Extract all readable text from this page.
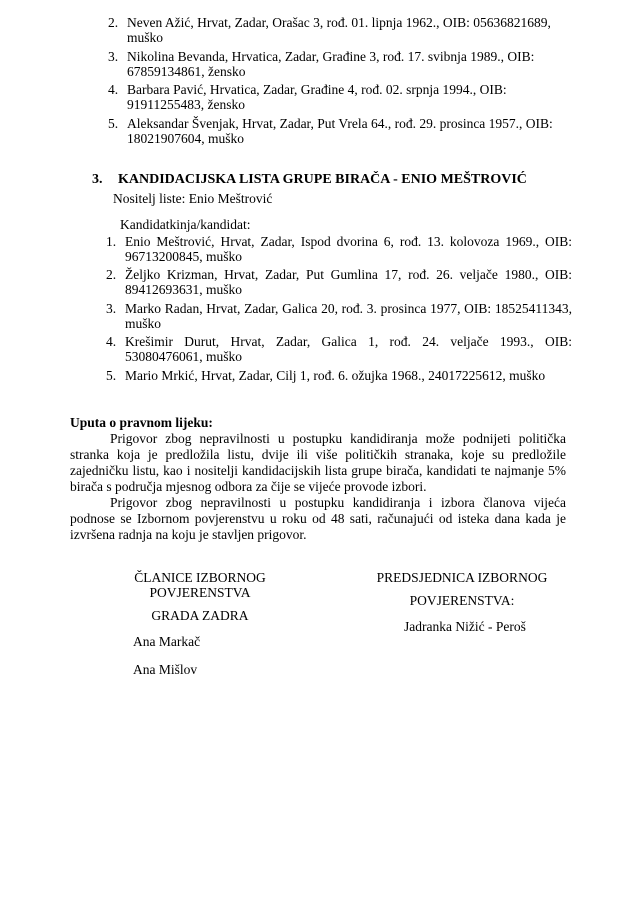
2. Neven Ažić, Hrvat, Zadar, Orašac 3, rođ. 01. lipnja 1962., OIB: 05636821689, muško
3. Nikolina Bevanda, Hrvatica, Zadar, Građine 3, rođ. 17. svibnja 1989., OIB: 67859134861, žensko
4. Barbara Pavić, Hrvatica, Zadar, Građine 4, rođ. 02. srpnja 1994., OIB: 91911255483, žensko
5. Aleksandar Švenjak, Hrvat, Zadar, Put Vrela 64., rođ. 29. prosinca 1957., OIB: 18021907604, muško
3.	KANDIDACIJSKA LISTA GRUPE BIRAČA - ENIO MEŠTROVIĆ
Nositelj liste: Enio Meštrović
Kandidatkinja/kandidat:
1. Enio Meštrović, Hrvat, Zadar, Ispod dvorina 6, rođ. 13. kolovoza 1969., OIB: 96713200845, muško
2. Željko Krizman, Hrvat, Zadar, Put Gumlina 17, rođ. 26. veljače 1980., OIB: 89412693631, muško
3. Marko Radan, Hrvat, Zadar, Galica 20, rođ. 3. prosinca 1977, OIB: 18525411343, muško
4. Krešimir Durut, Hrvat, Zadar, Galica 1, rođ. 24. veljače 1993., OIB: 53080476061, muško
5. Mario Mrkić, Hrvat, Zadar, Cilj 1, rođ. 6. ožujka 1968., 24017225612, muško
Uputa o pravnom lijeku:

Prigovor zbog nepravilnosti u postupku kandidiranja može podnijeti politička stranka koja je predložila listu, dvije ili više političkih stranaka, koje su predložile zajedničku listu, kao i nositelji kandidacijskih lista grupe birača, kandidati te najmanje 5% birača s područja mjesnog odbora za čije se vijeće provode izbori.

Prigovor zbog nepravilnosti u postupku kandidiranja i izbora članova vijeća podnose se Izbornom povjerenstvu u roku od 48 sati, računajući od isteka dana kada je izvršena radnja na koju je stavljen prigovor.

ČLANICE IZBORNOG POVJERENSTVA
GRADA ZADRA
Ana Markač
Ana Mišlov
PREDSJEDNICA IZBORNOG
POVJERENSTVA:
Jadranka Nižić - Peroš
